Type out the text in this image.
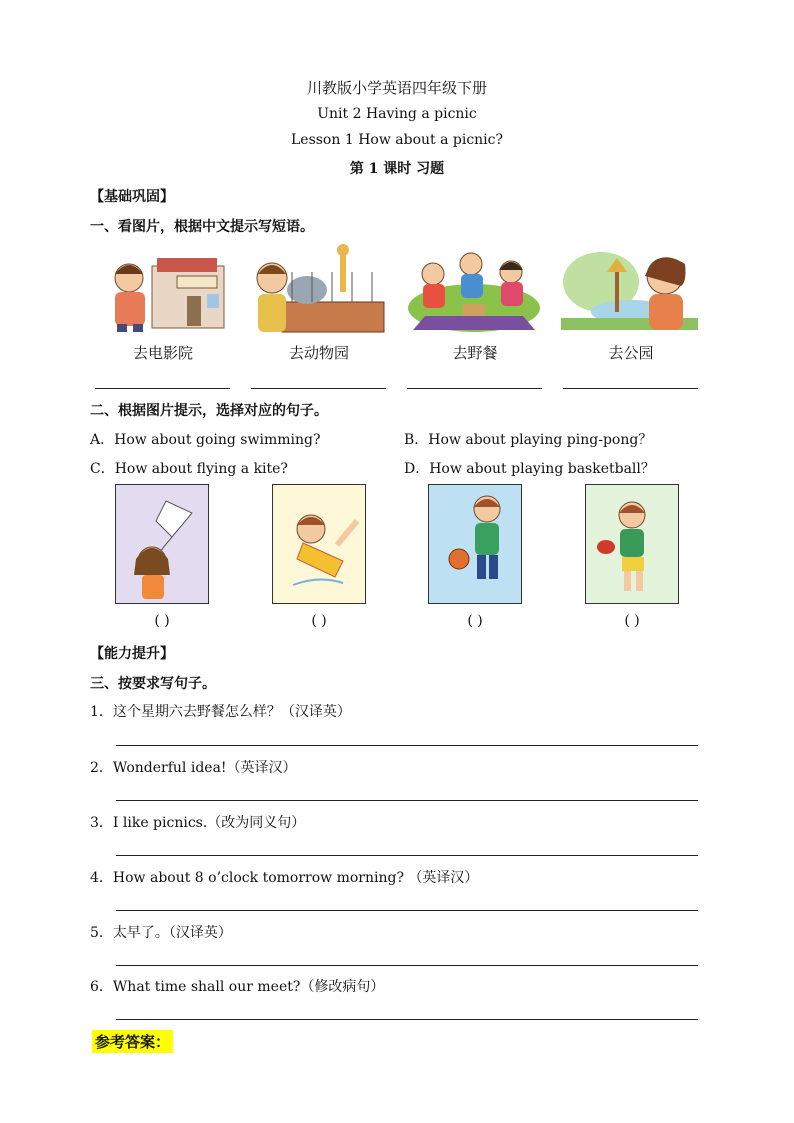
川教版小学英语四年级下册
Unit 2 Having a picnic
Lesson 1 How about a picnic?
第 1 课时 习题
【基础巩固】
一、看图片，根据中文提示写短语。
去电影院	去动物园	去野餐	去公园
二、根据图片提示，选择对应的句子。
A．How about going swimming?	B．How about playing ping-pong？
C．How about flying a kite?	D．How about playing basketball？
( )	( )	( )	( )
【能力提升】
三、按要求写句子。
1．这个星期六去野餐怎么样？（汉译英）
2．Wonderful idea!（英译汉）
3．I like picnics.（改为同义句）
4．How about 8 o’clock tomorrow morning? （英译汉）
5．太早了。（汉译英）
6．What time shall our meet?（修改病句）
参考答案：
